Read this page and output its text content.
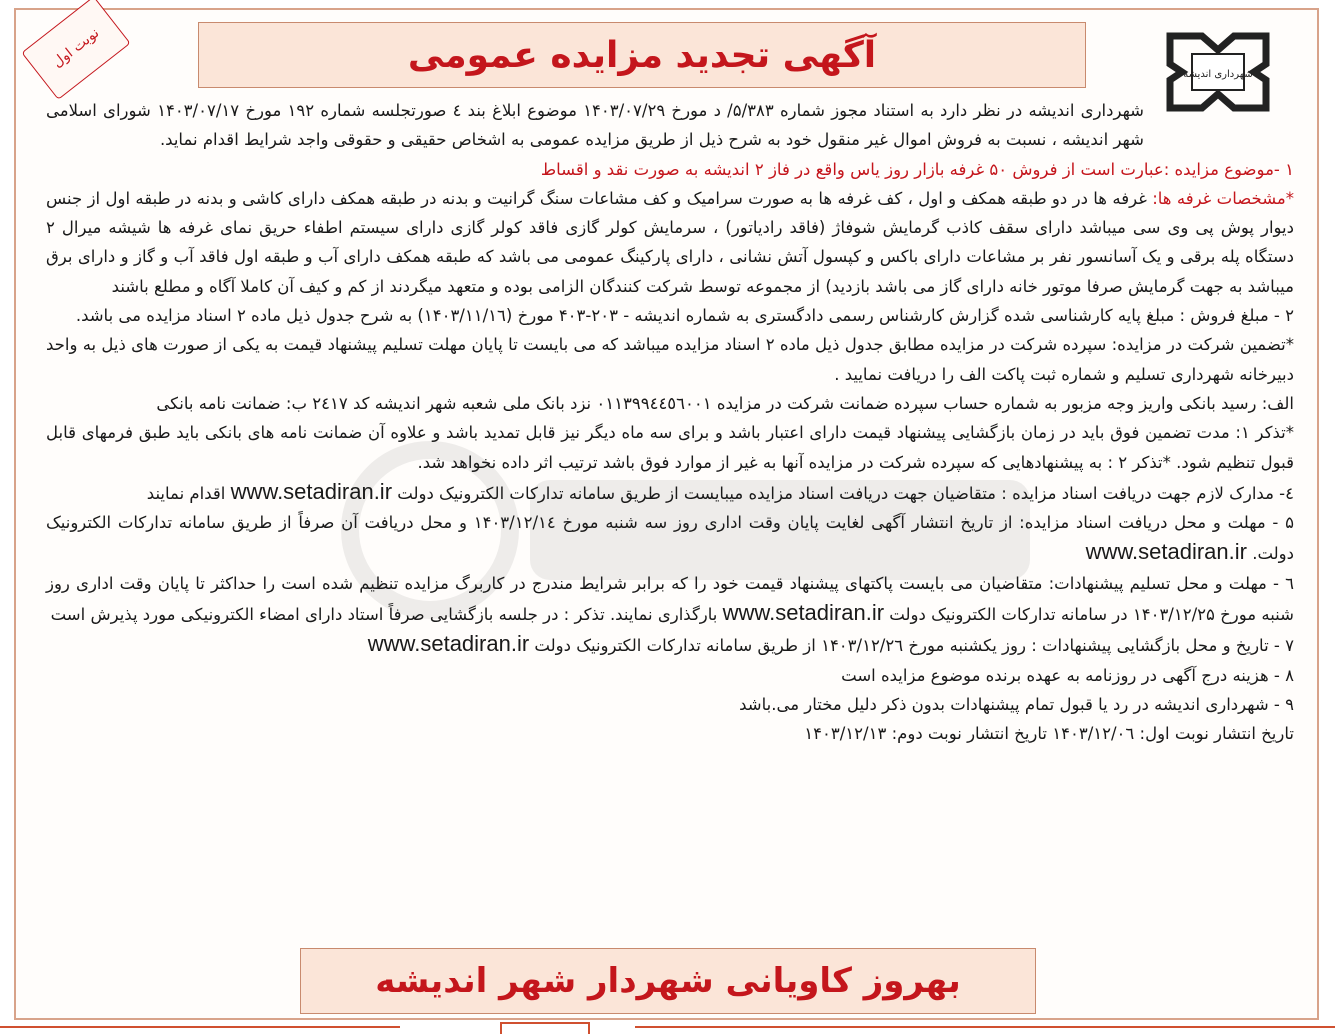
شهرداری اندیشه
نوبت اول	آگهی تجدید مزایده عمومی

شهرداری اندیشه در نظر دارد به استناد مجوز شماره ۵/۳۸۳/ د مورخ ۱۴۰۳/۰۷/۲۹ موضوع ابلاغ بند ٤ صورتجلسه شماره ۱۹۲ مورخ ۱۴۰۳/۰۷/۱۷ شورای اسلامی شهر اندیشه ، نسبت به فروش اموال غیر منقول خود به شرح ذیل از طریق مزایده عمومی به اشخاص حقیقی و حقوقی واجد شرایط اقدام نماید.

۱ -موضوع مزایده :عبارت است از فروش ۵۰ غرفه بازار روز یاس واقع در فاز ۲ اندیشه به صورت نقد و اقساط

*مشخصات غرفه ها: غرفه ها در دو طبقه همکف و اول ، کف غرفه ها به صورت سرامیک و کف مشاعات سنگ گرانیت و بدنه در طبقه همکف دارای کاشی و بدنه در طبقه اول از جنس دیوار پوش پی وی سی میباشد دارای سقف کاذب گرمایش شوفاژ (فاقد رادیاتور) ، سرمایش کولر گازی فاقد کولر گازی دارای سیستم اطفاء حریق نمای غرفه ها شیشه میرال ۲ دستگاه پله برقی و یک آسانسور نفر بر مشاعات دارای باکس و کپسول آتش نشانی ، دارای پارکینگ عمومی می باشد که طبقه همکف دارای آب و طبقه اول فاقد آب و گاز و دارای برق میباشد به جهت گرمایش صرفا موتور خانه دارای گاز می باشد بازدید) از مجموعه توسط شرکت کنندگان الزامی بوده و متعهد میگردند از کم و کیف آن کاملا آگاه و مطلع باشند

۲ - مبلغ فروش : مبلغ پایه کارشناسی شده گزارش کارشناس رسمی دادگستری به شماره اندیشه - ۲۰۳-۴۰۳ مورخ (۱۴۰۳/۱۱/۱٦) به شرح جدول ذیل ماده ۲ اسناد مزایده می باشد.

*تضمین شرکت در مزایده: سپرده شرکت در مزایده مطابق جدول ذیل ماده ۲ اسناد مزایده میباشد که می بایست تا پایان مهلت تسلیم پیشنهاد قیمت به یکی از صورت های ذیل به واحد دبیرخانه شهرداری تسلیم و شماره ثبت پاکت الف را دریافت نمایید .

الف: رسید بانکی واریز وجه مزبور به شماره حساب سپرده ضمانت شرکت در مزایده ۰۱۱۳۹۹٤٤٥٦۰۰۱ نزد بانک ملی شعبه شهر اندیشه کد ۲٤۱۷ ب: ضمانت نامه بانکی

*تذکر ۱: مدت تضمین فوق باید در زمان بازگشایی پیشنهاد قیمت دارای اعتبار باشد و برای سه ماه دیگر نیز قابل تمدید باشد و علاوه آن ضمانت نامه های بانکی باید طبق فرمهای قابل قبول تنظیم شود. *تذکر ۲ : به پیشنهادهایی که سپرده شرکت در مزایده آنها به غیر از موارد فوق باشد ترتیب اثر داده نخواهد شد.

٤- مدارک لازم جهت دریافت اسناد مزایده : متقاضیان جهت دریافت اسناد مزایده میبایست از طریق سامانه تدارکات الکترونیک دولت www.setadiran.ir اقدام نمایند

۵ - مهلت و محل دریافت اسناد مزایده: از تاریخ انتشار آگهی لغایت پایان وقت اداری روز سه شنبه مورخ ۱۴۰۳/۱۲/۱٤ و محل دریافت آن صرفاً از طریق سامانه تدارکات الکترونیک دولت. www.setadiran.ir

٦ - مهلت و محل تسلیم پیشنهادات: متقاضیان می بایست پاکتهای پیشنهاد قیمت خود را که برابر شرایط مندرج در کاربرگ مزایده تنظیم شده است را حداکثر تا پایان وقت اداری روز شنبه مورخ ۱۴۰۳/۱۲/۲۵ در سامانه تدارکات الکترونیک دولت www.setadiran.ir بارگذاری نمایند. تذکر : در جلسه بازگشایی صرفاً استاد دارای امضاء الکترونیکی مورد پذیرش است

۷ - تاریخ و محل بازگشایی پیشنهادات : روز یکشنبه مورخ ۱۴۰۳/۱۲/۲٦ از طریق سامانه تدارکات الکترونیک دولت www.setadiran.ir

۸ - هزینه درج آگهی در روزنامه به عهده برنده موضوع مزایده است

۹ - شهرداری اندیشه در رد یا قبول تمام پیشنهادات بدون ذکر دلیل مختار می.باشد

تاریخ انتشار نوبت اول: ۱۴۰۳/۱۲/۰٦ تاریخ انتشار نوبت دوم: ۱۴۰۳/۱۲/۱۳

بهروز کاویانی شهردار شهر اندیشه
